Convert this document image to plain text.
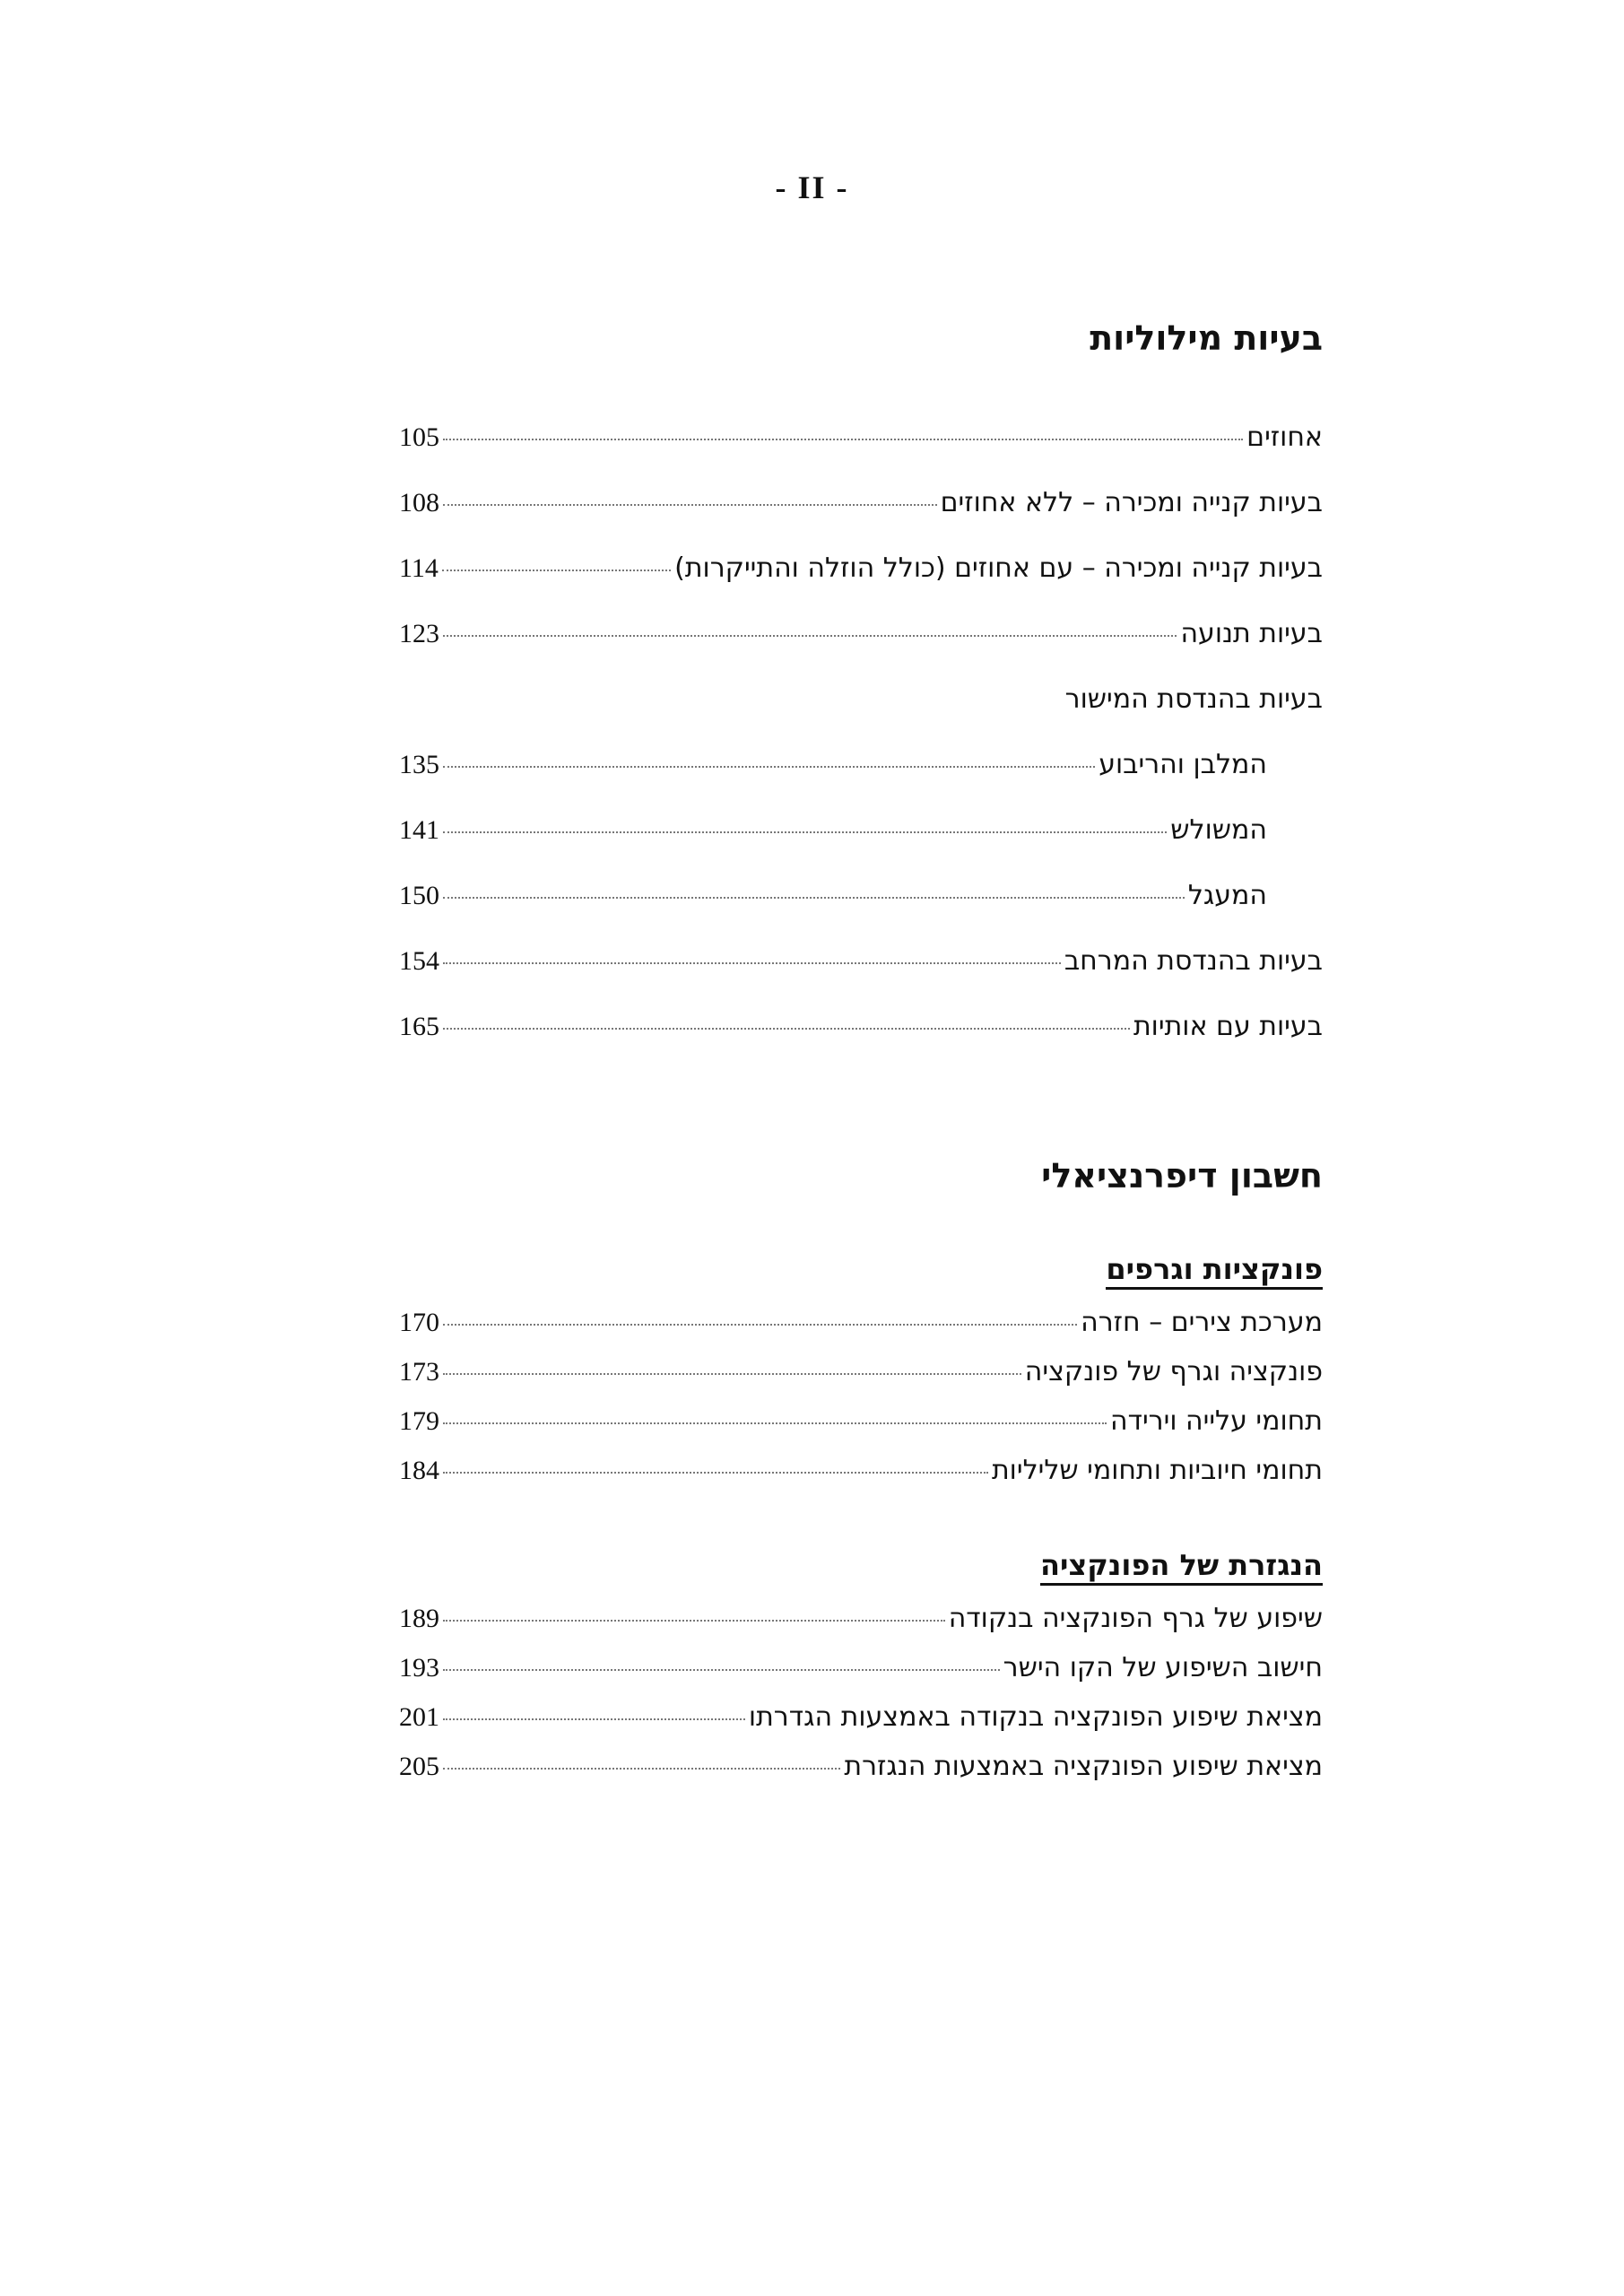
- II -
בעיות מילוליות
אחוזים
105
בעיות קנייה ומכירה – ללא אחוזים
108
בעיות קנייה ומכירה – עם אחוזים (כולל הוזלה והתייקרות)
114
בעיות תנועה
123
בעיות בהנדסת המישור
המלבן והריבוע
135
המשולש
141
המעגל
150
בעיות בהנדסת המרחב
154
בעיות עם אותיות
165
חשבון דיפרנציאלי
פונקציות וגרפים
מערכת צירים – חזרה
170
פונקציה וגרף של פונקציה
173
תחומי עלייה וירידה
179
תחומי חיוביות ותחומי שליליות
184
הנגזרת של הפונקציה
שיפוע של גרף הפונקציה בנקודה
189
חישוב השיפוע של הקו הישר
193
מציאת שיפוע הפונקציה בנקודה באמצעות הגדרתו
201
מציאת שיפוע הפונקציה באמצעות הנגזרת
205
